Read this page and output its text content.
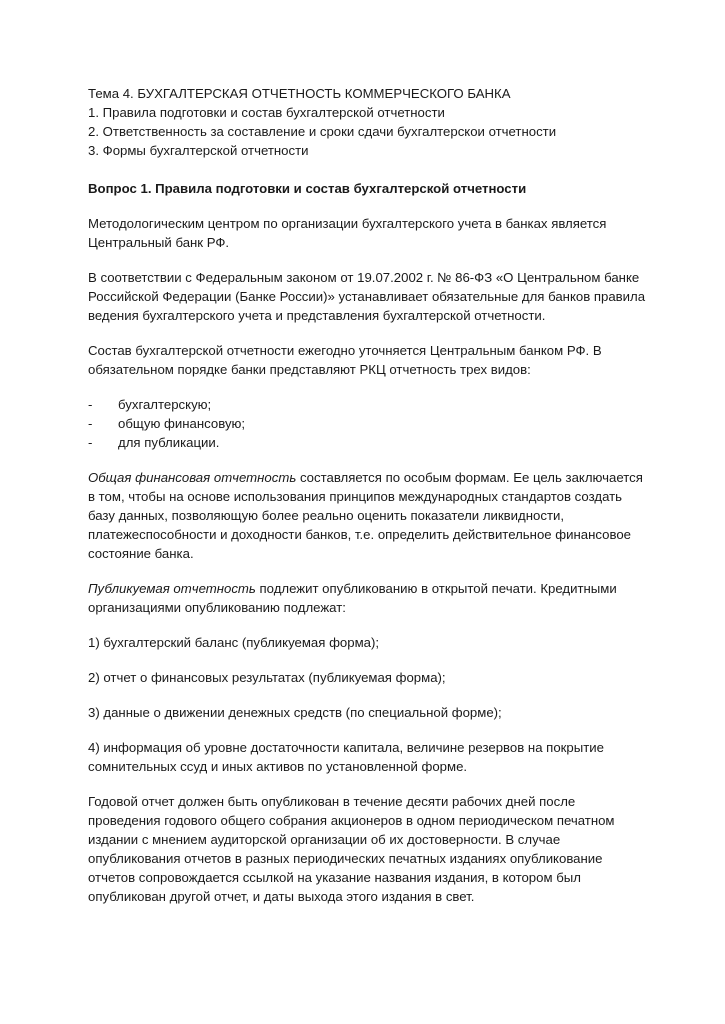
Тема 4. БУХГАЛТЕРСКАЯ ОТЧЕТНОСТЬ КОММЕРЧЕСКОГО БАНКА

1. Правила подготовки и состав бухгалтерской отчетности

2. Ответственность за составление и сроки сдачи бухгалтерскои отчетности

3. Формы бухгалтерской отчетности

Вопрос 1. Правила подготовки и состав бухгалтерской отчетности

Методологическим центром по организации бухгалтерского учета в банках является Центральный банк РФ.

В соответствии с Федеральным законом от 19.07.2002 г. № 86-ФЗ «О Центральном банке Российской Федерации (Банке России)» устанавливает обязательные для банков правила ведения бухгалтерского учета и представления бухгалтерской отчетности.

Состав бухгалтерской отчетности ежегодно уточняется Центральным банком РФ. В обязательном порядке банки представляют РКЦ отчетность трех видов:

- бухгалтерскую;
- общую финансовую;
- для публикации.

Общая финансовая отчетность составляется по особым формам. Ее цель заключается в том, чтобы на основе использования принципов международных стандартов создать базу данных, позволяющую более реально оценить показатели ликвидности, платежеспособности и доходности банков, т.е. определить действительное финансовое состояние банка.

Публикуемая отчетность подлежит опубликованию в открытой печати. Кредитными организациями опубликованию подлежат:

1) бухгалтерский баланс (публикуемая форма);

2) отчет о финансовых результатах (публикуемая форма);

3) данные о движении денежных средств (по специальной форме);

4) информация об уровне достаточности капитала, величине резервов на покрытие сомнительных ссуд и иных активов по установленной форме.

Годовой отчет должен быть опубликован в течение десяти рабочих дней после проведения годового общего собрания акционеров в одном периодическом печатном издании с мнением аудиторской организации об их достоверности. В случае опубликования отчетов в разных периодических печатных изданиях опубликование отчетов сопровождается ссылкой на указание названия издания, в котором был опубликован другой отчет, и даты выхода этого издания в свет.
